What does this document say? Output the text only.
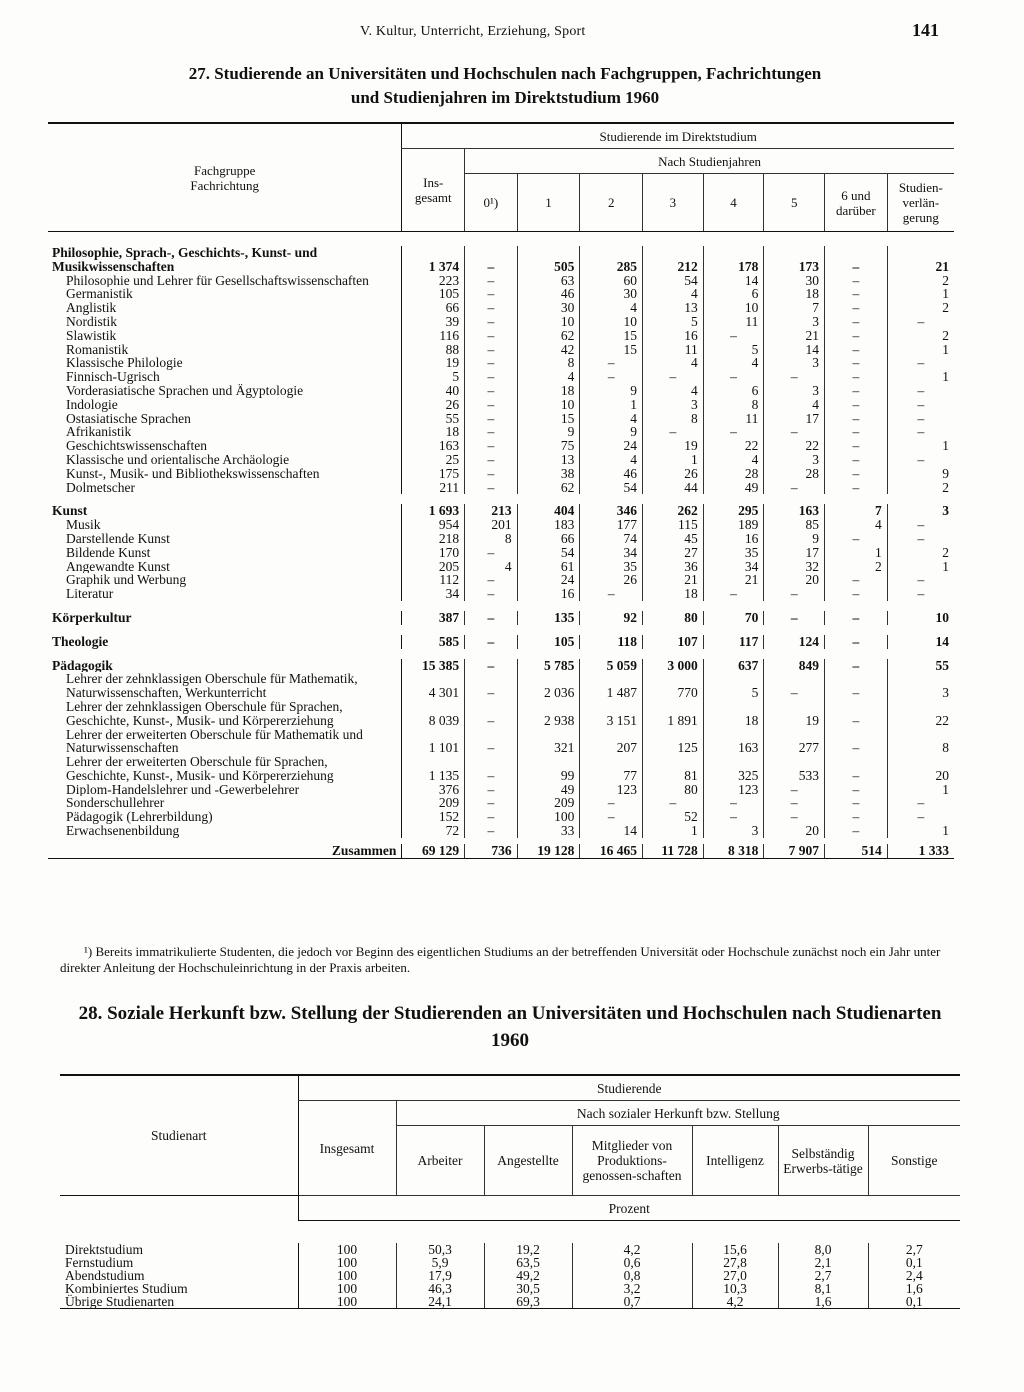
V. Kultur, Unterricht, Erziehung, Sport	141
27. Studierende an Universitäten und Hochschulen nach Fachgruppen, Fachrichtungen
und Studienjahren im Direktstudium 1960
Fachgruppe
Fachrichtung	Studierende im Direktstudium								
	Ins-
gesamt	Nach Studienjahren							
		0¹)	1	2	3	4	5	6 und
darüber	Studien-
verlän-
gerung

Philosophie, Sprach-, Geschichts-, Kunst- und Musikwissenschaften	1 374	–	505	285	212	178	173	–	21
Philosophie und Lehrer für Gesellschaftswissenschaften	223	–	63	60	54	14	30	–	2
Germanistik	105	–	46	30	4	6	18	–	1
Anglistik	66	–	30	4	13	10	7	–	2
Nordistik	39	–	10	10	5	11	3	–	–
Slawistik	116	–	62	15	16	–	21	–	2
Romanistik	88	–	42	15	11	5	14	–	1
Klassische Philologie	19	–	8	–	4	4	3	–	–
Finnisch-Ugrisch	5	–	4	–	–	–	–	–	1
Vorderasiatische Sprachen und Ägyptologie	40	–	18	9	4	6	3	–	–
Indologie	26	–	10	1	3	8	4	–	–
Ostasiatische Sprachen	55	–	15	4	8	11	17	–	–
Afrikanistik	18	–	9	9	–	–	–	–	–
Geschichtswissenschaften	163	–	75	24	19	22	22	–	1
Klassische und orientalische Archäologie	25	–	13	4	1	4	3	–	–
Kunst-, Musik- und Bibliothekswissenschaften	175	–	38	46	26	28	28	–	9
Dolmetscher	211	–	62	54	44	49	–	–	2

Kunst	1 693	213	404	346	262	295	163	7	3
Musik	954	201	183	177	115	189	85	4	–
Darstellende Kunst	218	8	66	74	45	16	9	–	–
Bildende Kunst	170	–	54	34	27	35	17	1	2
Angewandte Kunst	205	4	61	35	36	34	32	2	1
Graphik und Werbung	112	–	24	26	21	21	20	–	–
Literatur	34	–	16	–	18	–	–	–	–

Körperkultur	387	–	135	92	80	70	–	–	10

Theologie	585	–	105	118	107	117	124	–	14

Pädagogik	15 385	–	5 785	5 059	3 000	637	849	–	55
Lehrer der zehnklassigen Oberschule für Mathematik, Naturwissenschaften, Werkunterricht	4 301	–	2 036	1 487	770	5	–	–	3
Lehrer der zehnklassigen Oberschule für Sprachen, Geschichte, Kunst-, Musik- und Körpererziehung	8 039	–	2 938	3 151	1 891	18	19	–	22
Lehrer der erweiterten Oberschule für Mathematik und Naturwissenschaften	1 101	–	321	207	125	163	277	–	8
Lehrer der erweiterten Oberschule für Sprachen, Geschichte, Kunst-, Musik- und Körpererziehung	1 135	–	99	77	81	325	533	–	20
Diplom-Handelslehrer und -Gewerbelehrer	376	–	49	123	80	123	–	–	1
Sonderschullehrer	209	–	209	–	–	–	–	–	–
Pädagogik (Lehrerbildung)	152	–	100	–	52	–	–	–	–
Erwachsenenbildung	72	–	33	14	1	3	20	–	1

Zusammen	69 129	736	19 128	16 465	11 728	8 318	7 907	514	1 333
¹) Bereits immatrikulierte Studenten, die jedoch vor Beginn des eigentlichen Studiums an der betreffenden Universität oder Hochschule zunächst noch ein Jahr unter direkter Anleitung der Hochschuleinrichtung in der Praxis arbeiten.
28. Soziale Herkunft bzw. Stellung der Studierenden an Universitäten und Hochschulen nach Studienarten 1960
Studienart	Studierende						
	Insgesamt	Nach sozialer Herkunft bzw. Stellung					
		Arbeiter	Angestellte	Mitglieder von Produktions-genossen-schaften	Intelligenz	Selbständig Erwerbs-tätige	Sonstige
	Prozent						

Direktstudium	100	50,3	19,2	4,2	15,6	8,0	2,7
Fernstudium	100	5,9	63,5	0,6	27,8	2,1	0,1
Abendstudium	100	17,9	49,2	0,8	27,0	2,7	2,4
Kombiniertes Studium	100	46,3	30,5	3,2	10,3	8,1	1,6
Übrige Studienarten	100	24,1	69,3	0,7	4,2	1,6	0,1
